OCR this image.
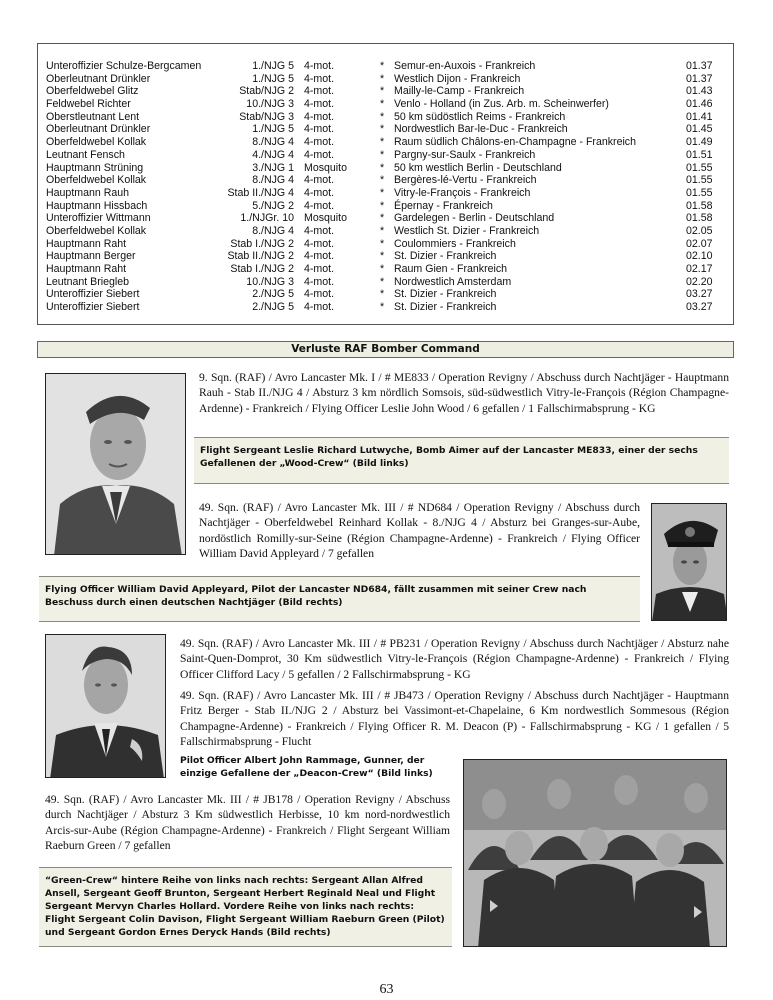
Unteroffizier Schulze-Bergcamen	1./NJG 5 4-mot.	* Semur-en-Auxois - Frankreich	01.37
Oberleutnant Drünkler	1./NJG 5 4-mot.	* Westlich Dijon - Frankreich	01.37
Oberfeldwebel Glitz	Stab/NJG 2 4-mot.	* Mailly-le-Camp - Frankreich	01.43
Feldwebel Richter	10./NJG 3 4-mot.	* Venlo - Holland (in Zus. Arb. m. Scheinwerfer)	01.46
Oberstleutnant Lent	Stab/NJG 3 4-mot.	* 50 km südöstlich Reims - Frankreich	01.41
Oberleutnant Drünkler	1./NJG 5 4-mot.	* Nordwestlich Bar-le-Duc - Frankreich	01.45
Oberfeldwebel Kollak	8./NJG 4 4-mot.	* Raum südlich Châlons-en-Champagne - Frankreich	01.49
Leutnant Fensch	4./NJG 4 4-mot.	* Pargny-sur-Saulx - Frankreich	01.51
Hauptmann Strüning	3./NJG 1 Mosquito	* 50 km westlich Berlin - Deutschland	01.55
Oberfeldwebel Kollak	8./NJG 4 4-mot.	* Bergères-lé-Vertu - Frankreich	01.55
Hauptmann Rauh	Stab II./NJG 4 4-mot.	* Vitry-le-François - Frankreich	01.55
Hauptmann Hissbach	5./NJG 2 4-mot.	* Épernay - Frankreich	01.58
Unteroffizier Wittmann	1./NJGr. 10 Mosquito	* Gardelegen - Berlin - Deutschland	01.58
Oberfeldwebel Kollak	8./NJG 4 4-mot.	* Westlich St. Dizier - Frankreich	02.05
Hauptmann Raht	Stab I./NJG 2 4-mot.	* Coulommiers - Frankreich	02.07
Hauptmann Berger	Stab II./NJG 2 4-mot.	* St. Dizier - Frankreich	02.10
Hauptmann Raht	Stab I./NJG 2 4-mot.	* Raum Gien - Frankreich	02.17
Leutnant Briegleb	10./NJG 3 4-mot.	* Nordwestlich Amsterdam	02.20
Unteroffizier Siebert	2./NJG 5 4-mot.	* St. Dizier - Frankreich	03.27
Unteroffizier Siebert	2./NJG 5 4-mot.	* St. Dizier - Frankreich	03.27
Verluste RAF Bomber Command
9. Sqn. (RAF) / Avro Lancaster Mk. I / # ME833 / Operation Revigny / Abschuss durch Nachtjäger - Hauptmann Rauh - Stab II./NJG 4 / Absturz 3 km nördlich Somsois, süd-südwestlich Vitry-le-François (Région Champagne-Ardenne) - Frankreich / Flying Officer Leslie John Wood / 6 gefallen / 1 Fallschirmabsprung - KG
Flight Sergeant Leslie Richard Lutwyche, Bomb Aimer auf der Lancaster ME833, einer der sechs Gefallenen der „Wood-Crew“ (Bild links)
49. Sqn. (RAF) / Avro Lancaster Mk. III / # ND684 / Operation Revigny / Abschuss durch Nachtjäger - Oberfeldwebel Reinhard Kollak - 8./NJG 4 / Absturz bei Granges-sur-Aube, nordöstlich Romilly-sur-Seine (Région Champagne-Ardenne) - Frankreich / Flying Officer William David Appleyard / 7 gefallen
Flying Officer William David Appleyard, Pilot der Lancaster ND684, fällt zusammen mit seiner Crew nach Beschuss durch einen deutschen Nachtjäger (Bild rechts)
49. Sqn. (RAF) / Avro Lancaster Mk. III / # PB231 / Operation Revigny / Abschuss durch Nachtjäger / Absturz nahe Saint-Quen-Domprot, 30 Km südwestlich Vitry-le-François (Région Champagne-Ardenne) - Frankreich / Flying Officer Clifford Lacy / 5 gefallen / 2 Fallschirmabsprung - KG
49. Sqn. (RAF) / Avro Lancaster Mk. III / # JB473 / Operation Revigny / Abschuss durch Nachtjäger - Hauptmann Fritz Berger - Stab II./NJG 2 / Absturz bei Vassimont-et-Chapelaine, 6 Km nordwestlich Sommesous (Région Champagne-Ardenne) - Frankreich / Flying Officer R. M. Deacon (P) - Fallschirmabsprung - KG / 1 gefallen / 5 Fallschirmabsprung - Flucht
Pilot Officer Albert John Rammage, Gunner, der einzige Gefallene der „Deacon-Crew“ (Bild links)
49. Sqn. (RAF) / Avro Lancaster Mk. III / # JB178 / Operation Revigny / Abschuss durch Nachtjäger / Absturz 3 Km südwestlich Herbisse, 10 km nord-nordwestlich Arcis-sur-Aube (Région Champagne-Ardenne) - Frankreich / Flight Sergeant William Raeburn Green / 7 gefallen
“Green-Crew“ hintere Reihe von links nach rechts: Sergeant Allan Alfred Ansell, Sergeant Geoff Brunton, Sergeant Herbert Reginald Neal und Flight Sergeant Mervyn Charles Hollard. Vordere Reihe von links nach rechts: Flight Sergeant Colin Davison, Flight Sergeant William Raeburn Green (Pilot) und Sergeant Gordon Ernes Deryck Hands (Bild rechts)
63
